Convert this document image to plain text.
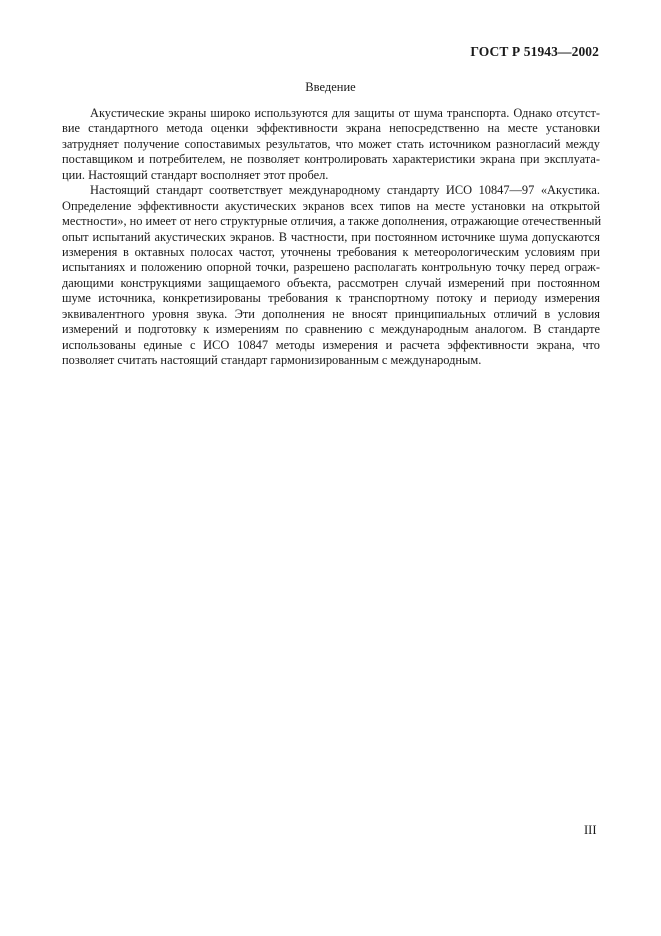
ГОСТ Р 51943—2002
Введение
Акустические экраны широко используются для защиты от шума транспорта. Однако отсутст-
вие стандартного метода оценки эффективности экрана непосредственно на месте установки
затрудняет получение сопоставимых результатов, что может стать источником разногласий между
поставщиком и потребителем, не позволяет контролировать характеристики экрана при эксплуата-
ции. Настоящий стандарт восполняет этот пробел.
Настоящий стандарт соответствует международному стандарту ИСО 10847—97 «Акустика.
Определение эффективности акустических экранов всех типов на месте установки на открытой
местности», но имеет от него структурные отличия, а также дополнения, отражающие отечественный
опыт испытаний акустических экранов. В частности, при постоянном источнике шума допускаются
измерения в октавных полосах частот, уточнены требования к метеорологическим условиям при
испытаниях и положению опорной точки, разрешено располагать контрольную точку перед ограж-
дающими конструкциями защищаемого объекта, рассмотрен случай измерений при постоянном
шуме источника, конкретизированы требования к транспортному потоку и периоду измерения
эквивалентного уровня звука. Эти дополнения не вносят принципиальных отличий в условия
измерений и подготовку к измерениям по сравнению с международным аналогом. В стандарте
использованы единые с ИСО 10847 методы измерения и расчета эффективности экрана, что
позволяет считать настоящий стандарт гармонизированным с международным.
III
